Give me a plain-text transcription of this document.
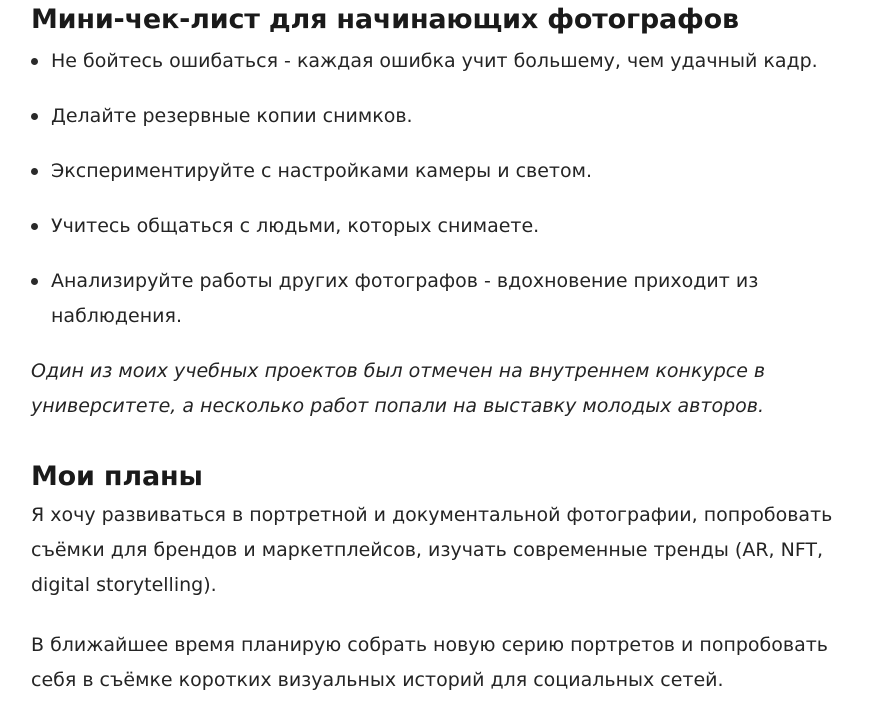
Мини-чек-лист для начинающих фотографов
Не бойтесь ошибаться - каждая ошибка учит большему, чем удачный кадр.
Делайте резервные копии снимков.
Экспериментируйте с настройками камеры и светом.
Учитесь общаться с людьми, которых снимаете.
Анализируйте работы других фотографов - вдохновение приходит из наблюдения.

Один из моих учебных проектов был отмечен на внутреннем конкурсе в университете, а несколько работ попали на выставку молодых авторов.

Мои планы

Я хочу развиваться в портретной и документальной фотографии, попробовать съёмки для брендов и маркетплейсов, изучать современные тренды (AR, NFT, digital storytelling).

В ближайшее время планирую собрать новую серию портретов и попробовать себя в съёмке коротких визуальных историй для социальных сетей.
